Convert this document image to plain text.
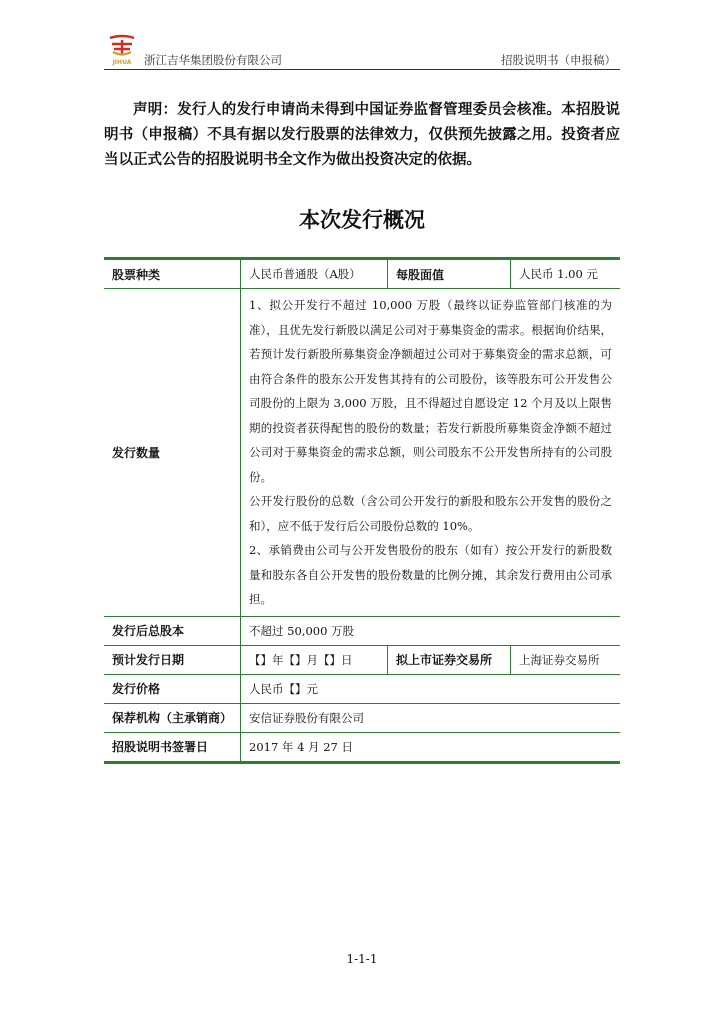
JIHUA 浙江吉华集团股份有限公司	招股说明书（申报稿）

声明：发行人的发行申请尚未得到中国证券监督管理委员会核准。本招股说明书（申报稿）不具有据以发行股票的法律效力，仅供预先披露之用。投资者应当以正式公告的招股说明书全文作为做出投资决定的依据。

本次发行概况
股票种类	人民币普通股（A股）	每股面值	人民币 1.00 元
发行数量	1、拟公开发行不超过 10,000 万股（最终以证券监管部门核准的为准），且优先发行新股以满足公司对于募集资金的需求。根据询价结果，若预计发行新股所募集资金净额超过公司对于募集资金的需求总额，可由符合条件的股东公开发售其持有的公司股份，该等股东可公开发售公司股份的上限为 3,000 万股，且不得超过自愿设定 12 个月及以上限售期的投资者获得配售的股份的数量；若发行新股所募集资金净额不超过公司对于募集资金的需求总额，则公司股东不公开发售所持有的公司股份。

公开发行股份的总数（含公司公开发行的新股和股东公开发售的股份之和），应不低于发行后公司股份总数的 10%。

2、承销费由公司与公开发售股份的股东（如有）按公开发行的新股数量和股东各自公开发售的股份数量的比例分摊，其余发行费用由公司承担。		

发行后总股本	不超过 50,000 万股		
预计发行日期	【】年【】月【】日	拟上市证券交易所	上海证券交易所
发行价格	人民币【】元		
保荐机构（主承销商）	安信证券股份有限公司		
招股说明书签署日	2017 年 4 月 27 日		
1-1-1
